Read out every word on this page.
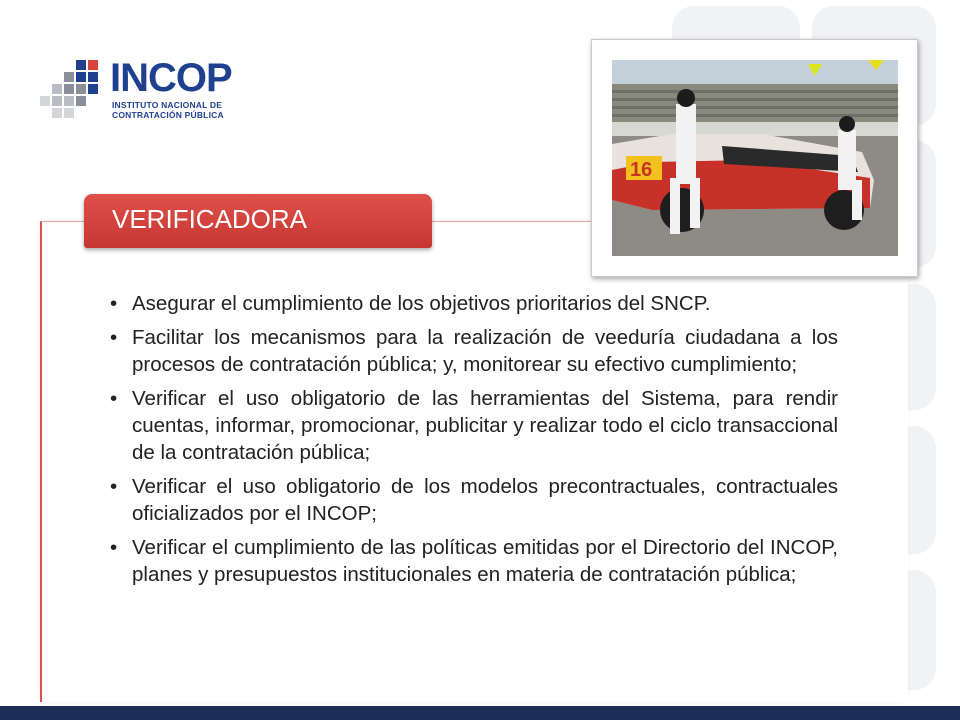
INCOP
INSTITUTO NACIONAL DE
CONTRATACIÓN PÚBLICA
16
VERIFICADORA
• Asegurar el cumplimiento de los objetivos prioritarios del SNCP.
• Facilitar los mecanismos para la realización de veeduría ciudadana a los procesos de contratación pública; y, monitorear su efectivo cumplimiento;
• Verificar el uso obligatorio de las herramientas del Sistema, para rendir cuentas, informar, promocionar, publicitar y realizar todo el ciclo transaccional de la contratación pública;
• Verificar el uso obligatorio de los modelos precontractuales, contractuales oficializados por el INCOP;
• Verificar el cumplimiento de las políticas emitidas por el Directorio del INCOP, planes y presupuestos institucionales en materia de contratación pública;
